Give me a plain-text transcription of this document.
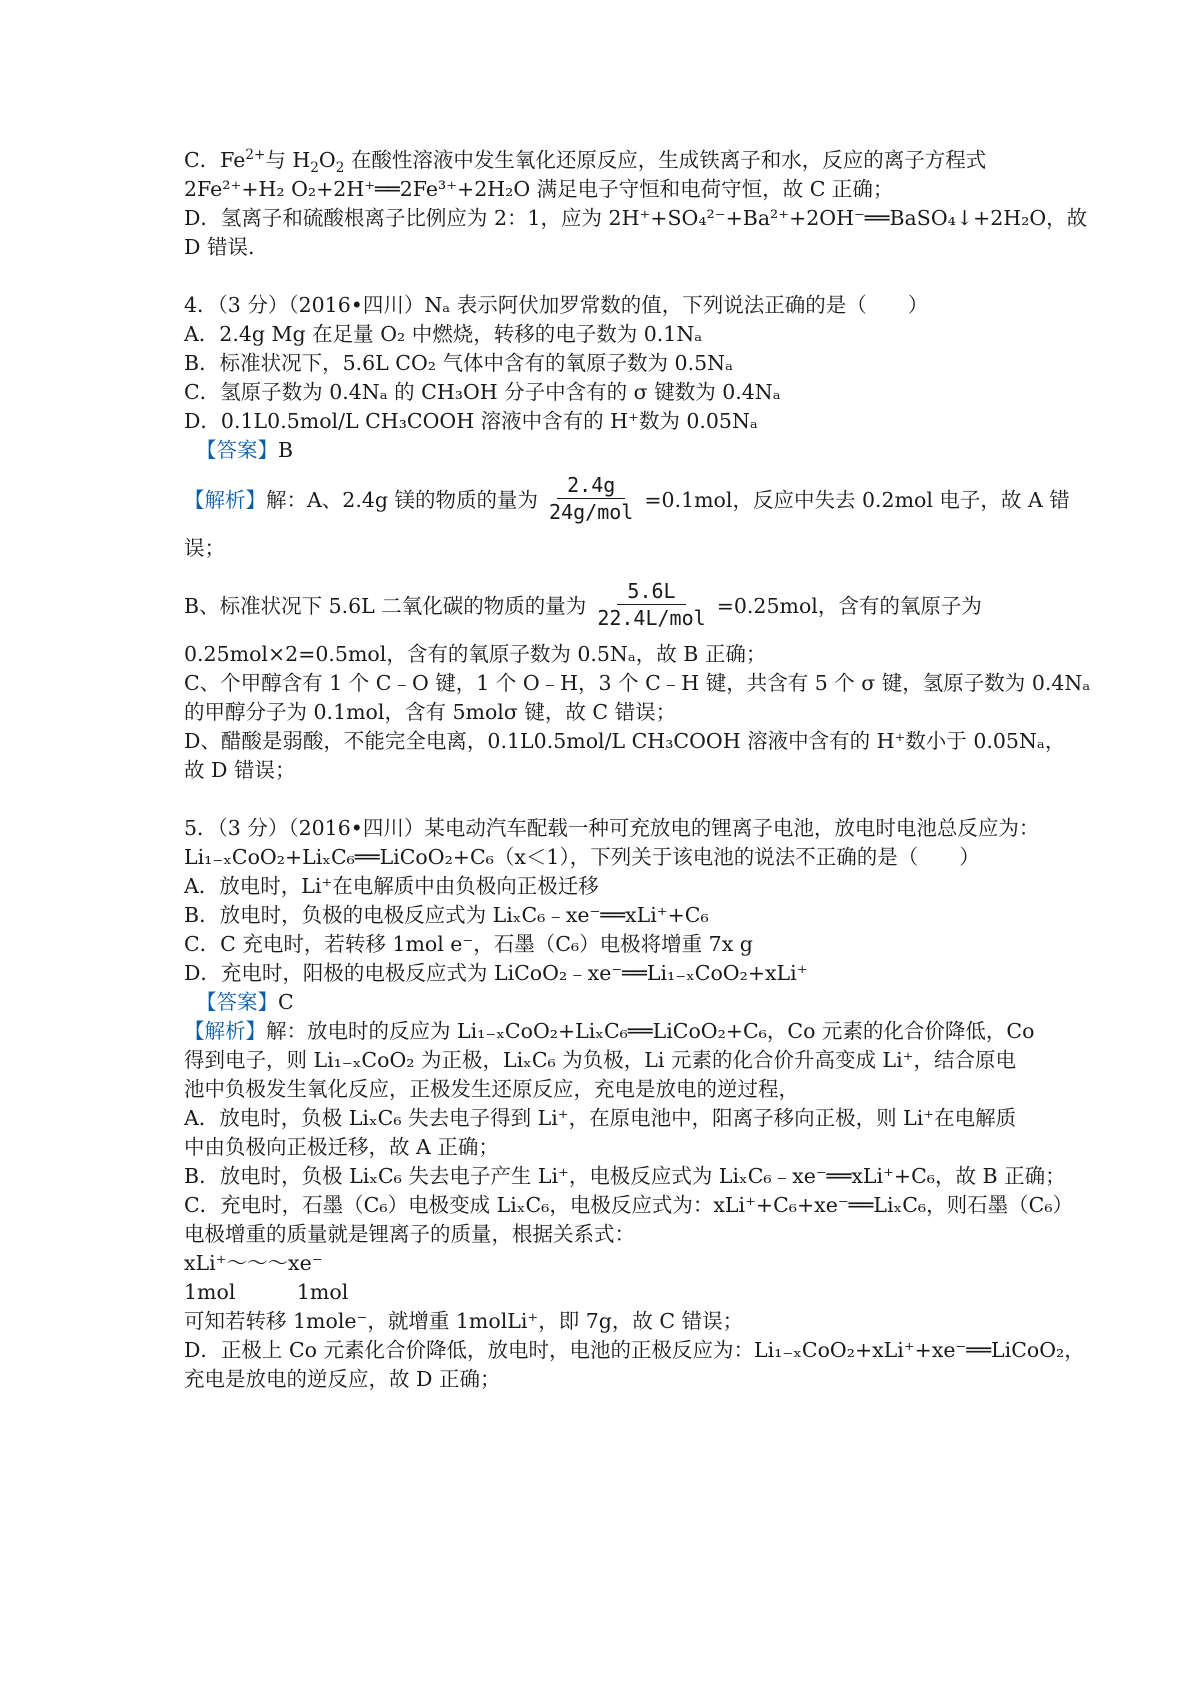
C．$Fe^{2+}$与 $H_2O_2$ 在酸性溶液中发生氧化还原反应，生成铁离子和水，反应的离子方程式
2Fe²⁺+H₂ O₂+2H⁺══2Fe³⁺+2H₂O 满足电子守恒和电荷守恒，故 C 正确；
D．氢离子和硫酸根离子比例应为 2：1，应为 2H⁺+SO₄²⁻+Ba²⁺+2OH⁻══BaSO₄↓+2H₂O，故
D 错误.
4．（3 分）（2016•四川）Nₐ 表示阿伏加罗常数的值，下列说法正确的是（　　）
A．2.4g Mg 在足量 O₂ 中燃烧，转移的电子数为 0.1Nₐ
B．标准状况下，5.6L CO₂ 气体中含有的氧原子数为 0.5Nₐ
C．氢原子数为 0.4Nₐ 的 CH₃OH 分子中含有的 σ 键数为 0.4Nₐ
D．0.1L0.5mol/L CH₃COOH 溶液中含有的 H⁺数为 0.05Nₐ
【答案】B
【解析】 解：A、2.4g 镁的物质的量为 $\frac{2.4g}{\text{24g/mol}} =0.1mol$，反应中失去 0.2mol 电子，故 A 错
误；
B、标准状况下 5.6L 二氧化碳的物质的量为 $\frac{5.6L}{\text{22.4L/mol}} =0.25mol$，含有的氧原子为
0.25mol×2=0.5mol，含有的氧原子数为 0.5Nₐ，故 B 正确；
C、个甲醇含有 1 个 C﹣O 键，1 个 O﹣H，3 个 C﹣H 键，共含有 5 个 σ 键，氢原子数为 0.4Nₐ
的甲醇分子为 0.1mol，含有 5molσ 键，故 C 错误；
D、醋酸是弱酸，不能完全电离，0.1L0.5mol/L CH₃COOH 溶液中含有的 H⁺数小于 0.05Nₐ，
故 D 错误；
5．（3 分）（2016•四川）某电动汽车配载一种可充放电的锂离子电池，放电时电池总反应为：
Li₁₋ₓCoO₂+LiₓC₆══LiCoO₂+C₆（x＜1），下列关于该电池的说法不正确的是（　　）
A．放电时，Li⁺在电解质中由负极向正极迁移
B．放电时，负极的电极反应式为 LiₓC₆﹣xe⁻══xLi⁺+C₆
C．C 充电时，若转移 1mol e⁻，石墨（C₆）电极将增重 7x g
D．充电时，阳极的电极反应式为 LiCoO₂﹣xe⁻══Li₁₋ₓCoO₂+xLi⁺
【答案】C
【解析】解：放电时的反应为 Li₁₋ₓCoO₂+LiₓC₆══LiCoO₂+C₆，Co 元素的化合价降低，Co
得到电子，则 Li₁₋ₓCoO₂ 为正极，LiₓC₆ 为负极，Li 元素的化合价升高变成 Li⁺，结合原电
池中负极发生氧化反应，正极发生还原反应，充电是放电的逆过程，
A．放电时，负极 LiₓC₆ 失去电子得到 Li⁺，在原电池中，阳离子移向正极，则 Li⁺在电解质
中由负极向正极迁移，故 A 正确；
B．放电时，负极 LiₓC₆ 失去电子产生 Li⁺，电极反应式为 LiₓC₆﹣xe⁻══xLi⁺+C₆，故 B 正确；
C．充电时，石墨（C₆）电极变成 LiₓC₆，电极反应式为：xLi⁺+C₆+xe⁻══LiₓC₆，则石墨（C₆）
电极增重的质量就是锂离子的质量，根据关系式：
xLi⁺～～～xe⁻
1mol　　　1mol
可知若转移 1mole⁻，就增重 1molLi⁺，即 7g，故 C 错误；
D．正极上 Co 元素化合价降低，放电时，电池的正极反应为：Li₁₋ₓCoO₂+xLi⁺+xe⁻══LiCoO₂，
充电是放电的逆反应，故 D 正确；
